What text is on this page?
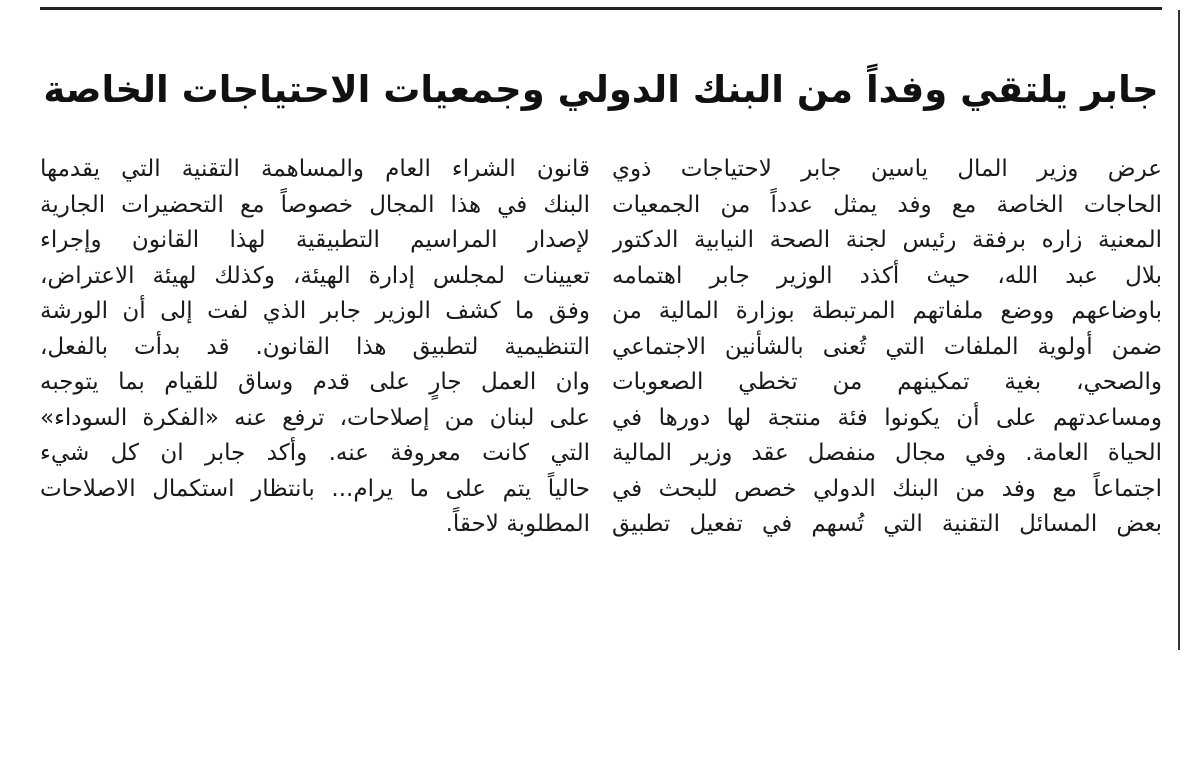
جابر يلتقي وفداً من البنك الدولي وجمعيات الاحتياجات الخاصة
عرض وزير المال ياسين جابر لاحتياجات ذوي
الحاجات الخاصة مع وفد يمثل عدداً من الجمعيات
المعنية زاره برفقة رئيس لجنة الصحة النيابية الدكتور
بلال عبد الله، حيث أكذد الوزير جابر اهتمامه
باوضاعهم ووضع ملفاتهم المرتبطة بوزارة المالية من
ضمن أولوية الملفات التي تُعنى بالشأنين الاجتماعي
والصحي، بغية تمكينهم من تخطي الصعوبات
ومساعدتهم على أن يكونوا فئة منتجة لها دورها في
الحياة العامة. وفي مجال منفصل عقد وزير المالية
اجتماعاً مع وفد من البنك الدولي خصص للبحث في
بعض المسائل التقنية التي تُسهم في تفعيل تطبيق
قانون الشراء العام والمساهمة التقنية التي يقدمها
البنك في هذا المجال خصوصاً مع التحضيرات الجارية
لإصدار المراسيم التطبيقية لهذا القانون وإجراء
تعيينات لمجلس إدارة الهيئة، وكذلك لهيئة الاعتراض،
وفق ما كشف الوزير جابر الذي لفت إلى أن الورشة
التنظيمية لتطبيق هذا القانون. قد بدأت بالفعل،
وان العمل جارٍ على قدم وساق للقيام بما يتوجبه
على لبنان من إصلاحات، ترفع عنه «الفكرة السوداء»
التي كانت معروفة عنه. وأكد جابر ان كل شيء
حالياً يتم على ما يرام... بانتظار استكمال الاصلاحات
المطلوبة لاحقاً.
